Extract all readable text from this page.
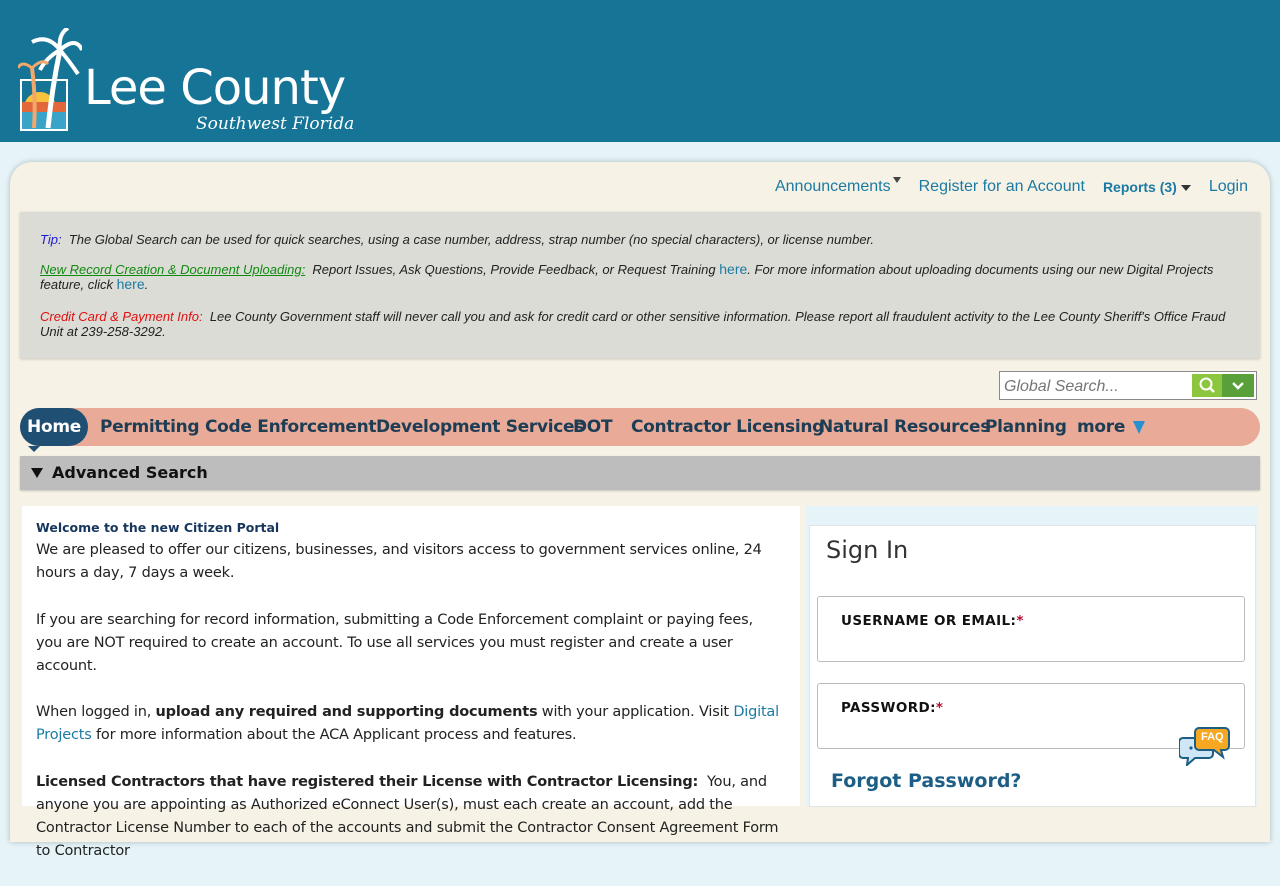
Lee County
Southwest Florida
Announcements	Register for an Account Reports (3)	Login

Tip: The Global Search can be used for quick searches, using a case number, address, strap number (no special characters), or license number.

New Record Creation & Document Uploading: Report Issues, Ask Questions, Provide Feedback, or Request Training here. For more information about uploading documents using our new Digital Projects feature, click here.

Credit Card & Payment Info: Lee County Government staff will never call you and ask for credit card or other sensitive information. Please report all fraudulent activity to the Lee County Sheriff's Office Fraud Unit at 239-258-3292.

Global Search...
Home	Permitting Code Enforcement Development Services
DOT Contractor Licensing
Natural Resources
Planning more
Advanced Search
Welcome to the new Citizen Portal

We are pleased to offer our citizens, businesses, and visitors access to government services online, 24 hours a day, 7 days a week.

If you are searching for record information, submitting a Code Enforcement complaint or paying fees, you are NOT required to create an account. To use all services you must register and create a user account.

When logged in, upload any required and supporting documents with your application. Visit Digital Projects for more information about the ACA Applicant process and features.

Licensed Contractors that have registered their License with Contractor Licensing: You, and anyone you are appointing as Authorized eConnect User(s), must each create an account, add the Contractor License Number to each of the accounts and submit the Contractor Consent Agreement Form to Contractor

Sign In
USERNAME OR EMAIL:*
PASSWORD:*
Forgot Password?
FAQ
